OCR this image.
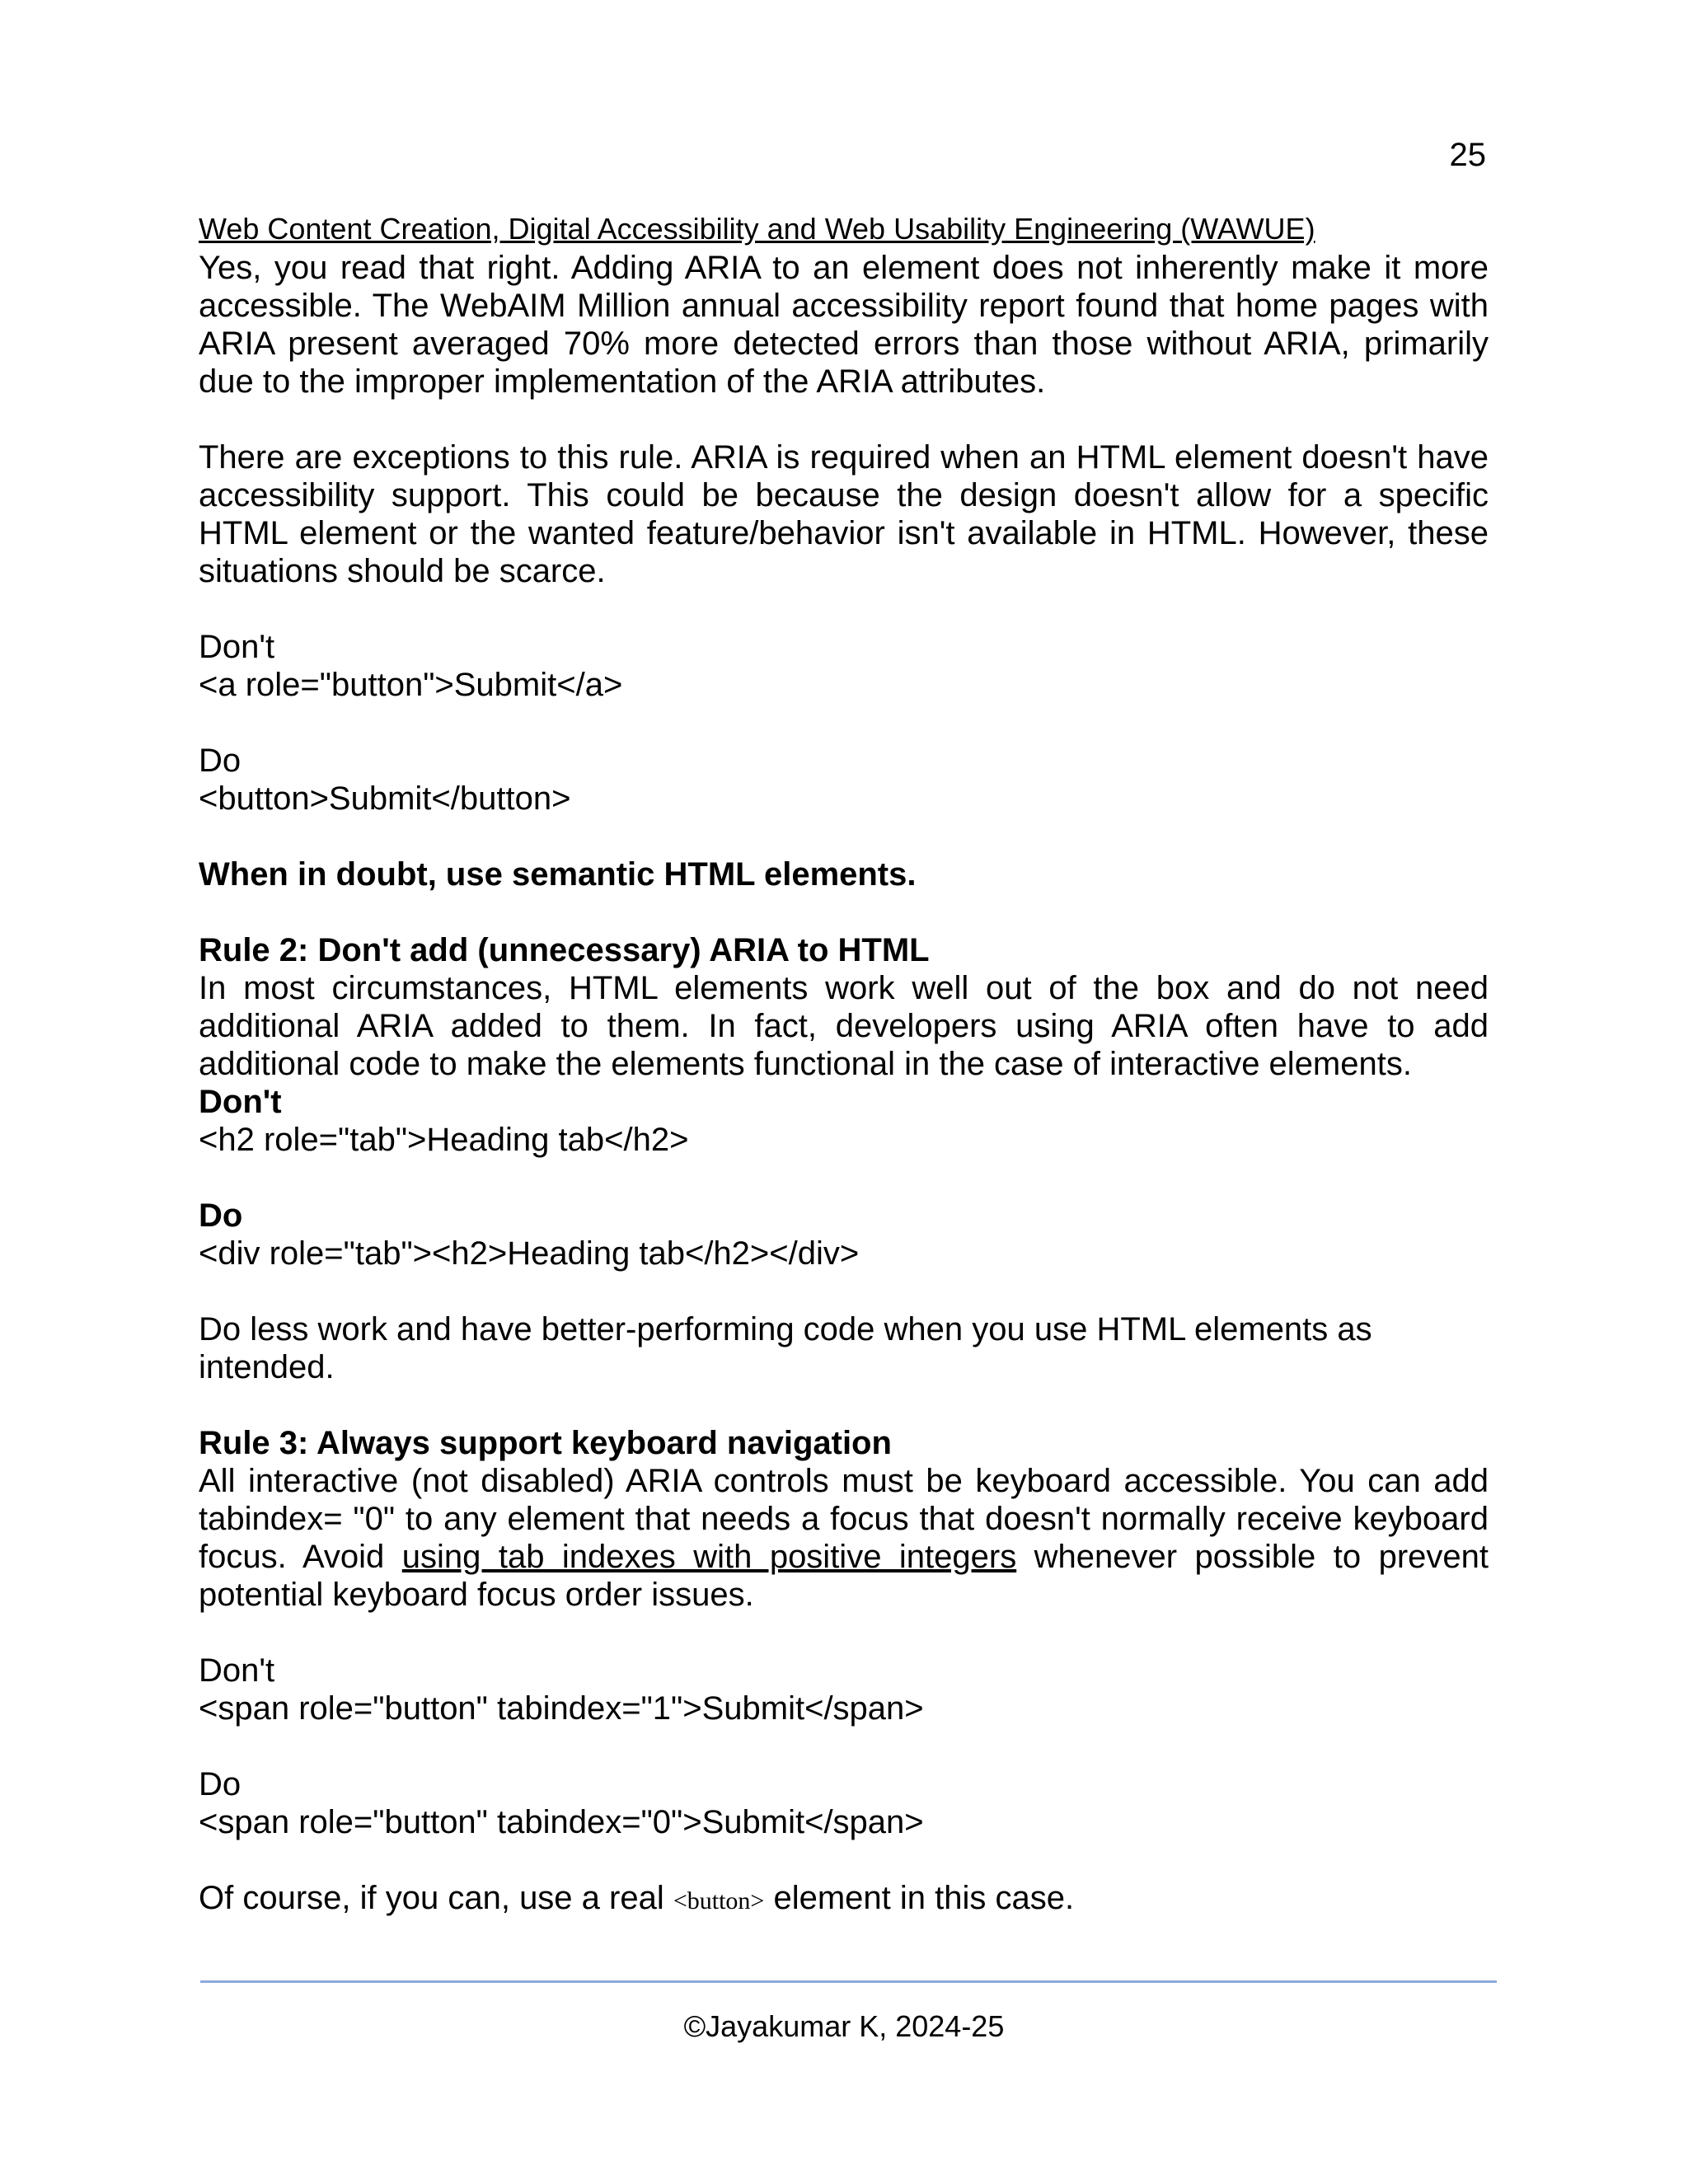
25
Web Content Creation, Digital Accessibility and Web Usability Engineering (WAWUE)

Yes, you read that right. Adding ARIA to an element does not inherently make it more accessible. The WebAIM Million annual accessibility report found that home pages with ARIA present averaged 70% more detected errors than those without ARIA, primarily due to the improper implementation of the ARIA attributes.

There are exceptions to this rule. ARIA is required when an HTML element doesn't have accessibility support. This could be because the design doesn't allow for a specific HTML element or the wanted feature/behavior isn't available in HTML. However, these situations should be scarce.

Don't

<a role="button">Submit</a>

Do

<button>Submit</button>

When in doubt, use semantic HTML elements.

Rule 2: Don't add (unnecessary) ARIA to HTML

In most circumstances, HTML elements work well out of the box and do not need additional ARIA added to them. In fact, developers using ARIA often have to add additional code to make the elements functional in the case of interactive elements.

Don't

<h2 role="tab">Heading tab</h2>

Do

<div role="tab"><h2>Heading tab</h2></div>

Do less work and have better-performing code when you use HTML elements as intended.

Rule 3: Always support keyboard navigation

All interactive (not disabled) ARIA controls must be keyboard accessible. You can add tabindex= "0" to any element that needs a focus that doesn't normally receive keyboard focus. Avoid using tab indexes with positive integers whenever possible to prevent potential keyboard focus order issues.

Don't

<span role="button" tabindex="1">Submit</span>

Do

<span role="button" tabindex="0">Submit</span>

Of course, if you can, use a real <button> element in this case.

©Jayakumar K, 2024-25
